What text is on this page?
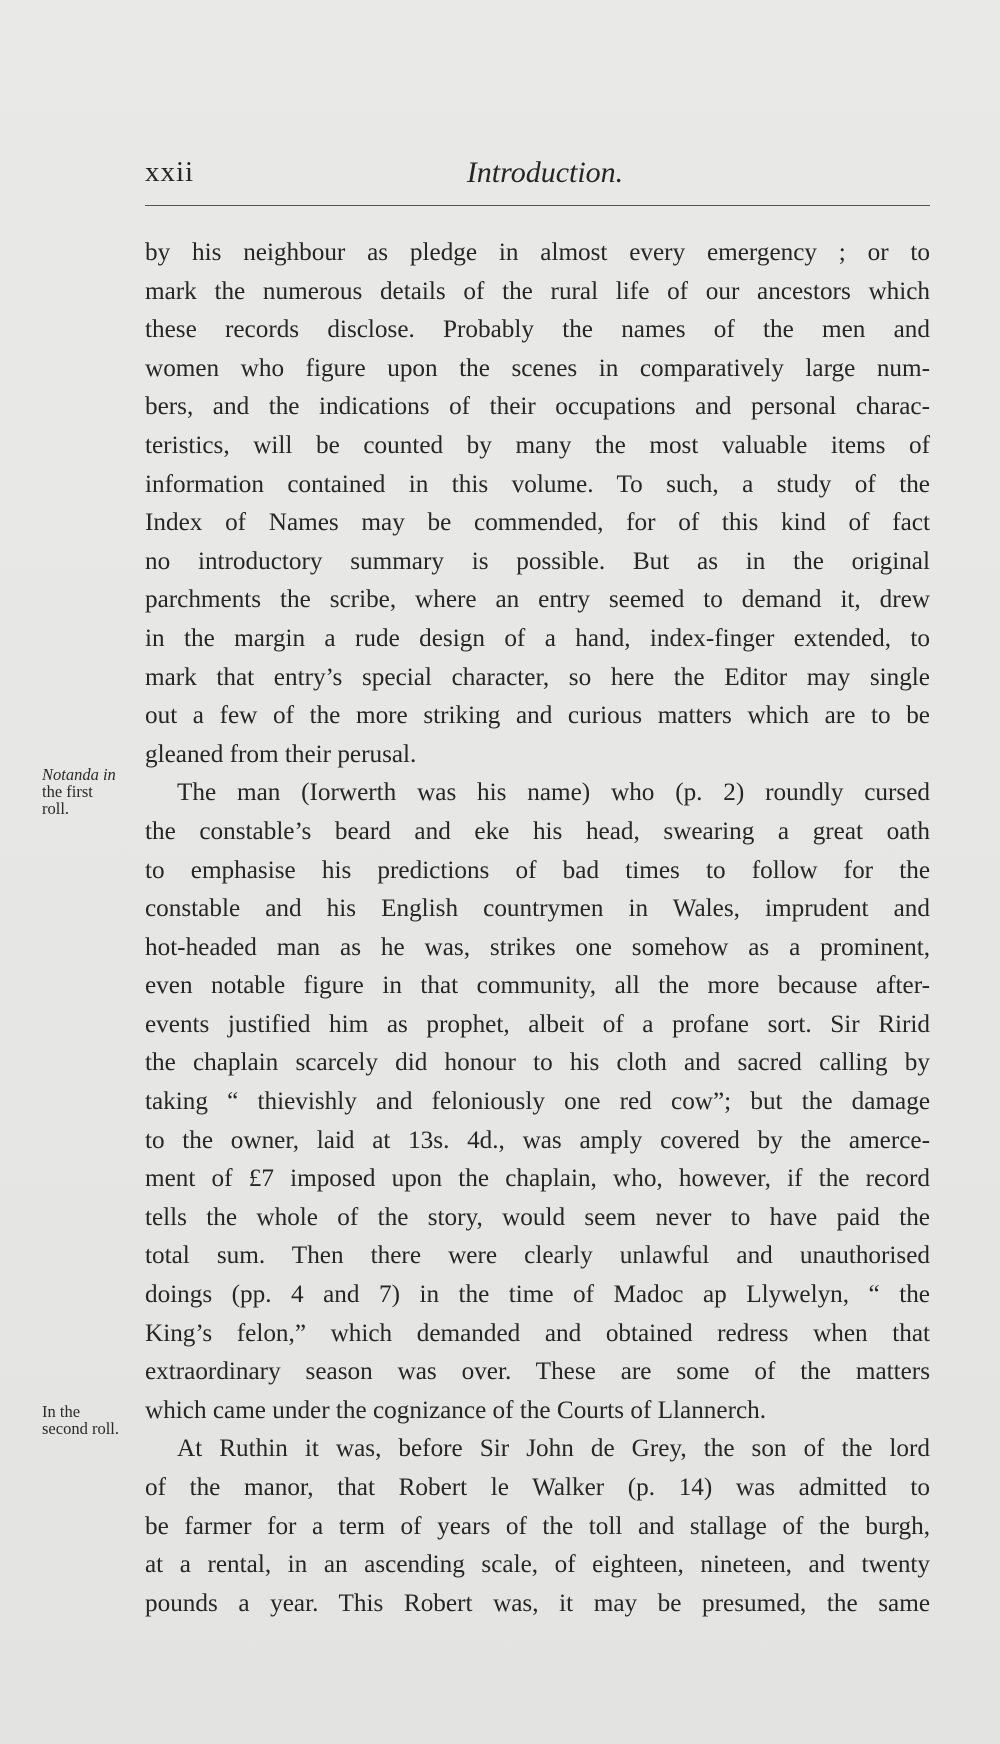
xxii	Introduction.
Notanda in
the first
roll.
In the
second roll.
by his neighbour as pledge in almost every emergency ; or to
mark the numerous details of the rural life of our ancestors which
these records disclose. Probably the names of the men and
women who figure upon the scenes in comparatively large num-
bers, and the indications of their occupations and personal charac-
teristics, will be counted by many the most valuable items of
information contained in this volume. To such, a study of the
Index of Names may be commended, for of this kind of fact
no introductory summary is possible. But as in the original
parchments the scribe, where an entry seemed to demand it, drew
in the margin a rude design of a hand, index-finger extended, to
mark that entry’s special character, so here the Editor may single
out a few of the more striking and curious matters which are to be
gleaned from their perusal.
The man (Iorwerth was his name) who (p. 2) roundly cursed
the constable’s beard and eke his head, swearing a great oath
to emphasise his predictions of bad times to follow for the
constable and his English countrymen in Wales, imprudent and
hot-headed man as he was, strikes one somehow as a prominent,
even notable figure in that community, all the more because after-
events justified him as prophet, albeit of a profane sort. Sir Ririd
the chaplain scarcely did honour to his cloth and sacred calling by
taking “ thievishly and feloniously one red cow”; but the damage
to the owner, laid at 13s. 4d., was amply covered by the amerce-
ment of £7 imposed upon the chaplain, who, however, if the record
tells the whole of the story, would seem never to have paid the
total sum. Then there were clearly unlawful and unauthorised
doings (pp. 4 and 7) in the time of Madoc ap Llywelyn, “ the
King’s felon,” which demanded and obtained redress when that
extraordinary season was over. These are some of the matters
which came under the cognizance of the Courts of Llannerch.
At Ruthin it was, before Sir John de Grey, the son of the lord
of the manor, that Robert le Walker (p. 14) was admitted to
be farmer for a term of years of the toll and stallage of the burgh,
at a rental, in an ascending scale, of eighteen, nineteen, and twenty
pounds a year. This Robert was, it may be presumed, the same
